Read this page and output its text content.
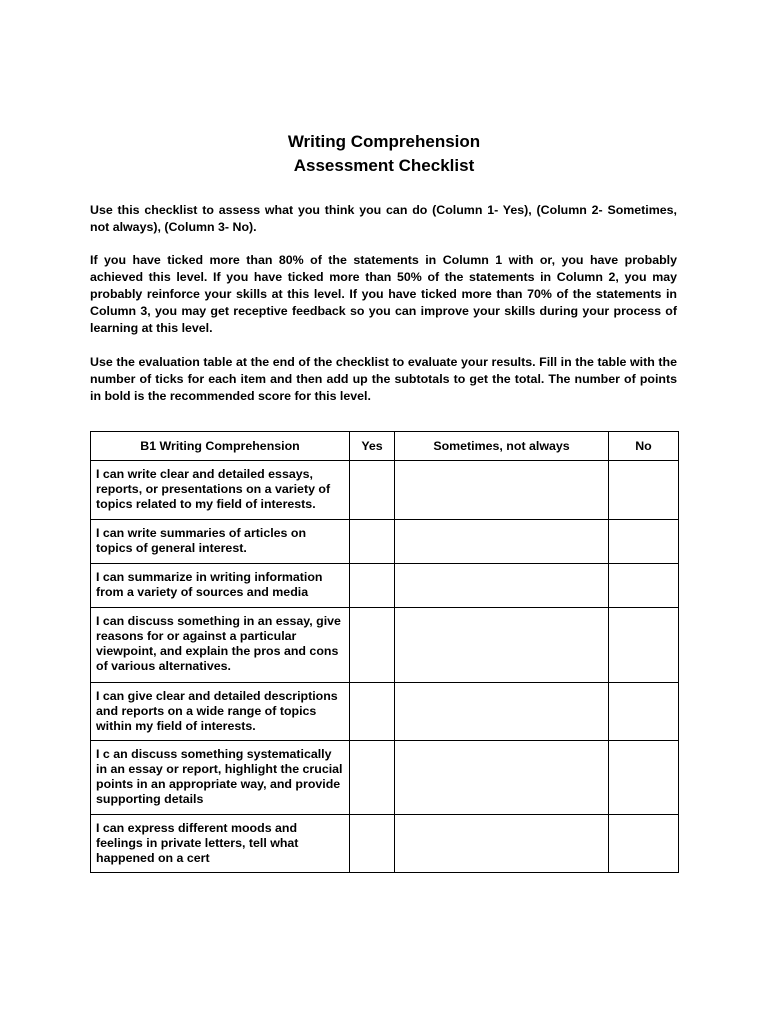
Writing Comprehension
Assessment Checklist

Use this checklist to assess what you think you can do (Column 1- Yes), (Column 2- Sometimes, not always), (Column 3- No).

If you have ticked more than 80% of the statements in Column 1 with or, you have probably achieved this level. If you have ticked more than 50% of the statements in Column 2, you may probably reinforce your skills at this level. If you have ticked more than 70% of the statements in Column 3, you may get receptive feedback so you can improve your skills during your process of learning at this level.

Use the evaluation table at the end of the checklist to evaluate your results. Fill in the table with the number of ticks for each item and then add up the subtotals to get the total. The number of points in bold is the recommended score for this level.

B1 Writing Comprehension	Yes	Sometimes, not always	No
I can write clear and detailed essays, reports, or presentations on a variety of topics related to my field of interests.			
I can write summaries of articles on topics of general interest.			
I can summarize in writing information from a variety of sources and media			
I can discuss something in an essay, give reasons for or against a particular viewpoint, and explain the pros and cons of various alternatives.			
I can give clear and detailed descriptions and reports on a wide range of topics within my field of interests.			
I c an discuss something systematically in an essay or report, highlight the crucial points in an appropriate way, and provide supporting details			
I can express different moods and feelings in private letters, tell what happened on a cert			
